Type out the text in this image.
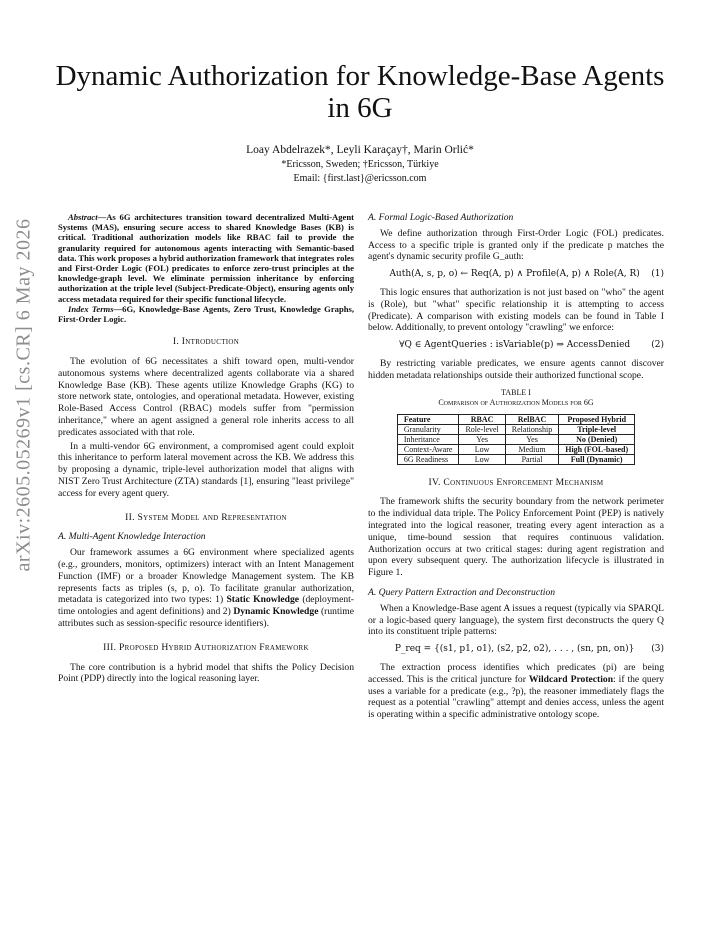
arXiv:2605.05269v1 [cs.CR] 6 May 2026
Dynamic Authorization for Knowledge-Base Agents in 6G
Loay Abdelrazek*, Leyli Karaçay†, Marin Orlić*
*Ericsson, Sweden; †Ericsson, Türkiye
Email: {first.last}@ericsson.com

Abstract—As 6G architectures transition toward decentralized Multi-Agent Systems (MAS), ensuring secure access to shared Knowledge Bases (KB) is critical. Traditional authorization models like RBAC fail to provide the granularity required for autonomous agents interacting with Semantic-based data. This work proposes a hybrid authorization framework that integrates roles and First-Order Logic (FOL) predicates to enforce zero-trust principles at the knowledge-graph level. We eliminate permission inheritance by enforcing authorization at the triple level (Subject-Predicate-Object), ensuring agents only access metadata required for their specific functional lifecycle.

Index Terms—6G, Knowledge-Base Agents, Zero Trust, Knowledge Graphs, First-Order Logic.

I. Introduction

The evolution of 6G necessitates a shift toward open, multi-vendor autonomous systems where decentralized agents collaborate via a shared Knowledge Base (KB). These agents utilize Knowledge Graphs (KG) to store network state, ontologies, and operational metadata. However, existing Role-Based Access Control (RBAC) models suffer from "permission inheritance," where an agent assigned a general role inherits access to all predicates associated with that role.

In a multi-vendor 6G environment, a compromised agent could exploit this inheritance to perform lateral movement across the KB. We address this by proposing a dynamic, triple-level authorization model that aligns with NIST Zero Trust Architecture (ZTA) standards [1], ensuring "least privilege" access for every agent query.

II. System Model and Representation
A. Multi-Agent Knowledge Interaction

Our framework assumes a 6G environment where specialized agents (e.g., grounders, monitors, optimizers) interact with an Intent Management Function (IMF) or a broader Knowledge Management system. The KB represents facts as triples (s, p, o). To facilitate granular authorization, metadata is categorized into two types: 1) Static Knowledge (deployment-time ontologies and agent definitions) and 2) Dynamic Knowledge (runtime attributes such as session-specific resource identifiers).

III. Proposed Hybrid Authorization Framework

The core contribution is a hybrid model that shifts the Policy Decision Point (PDP) directly into the logical reasoning layer.

A. Formal Logic-Based Authorization

We define authorization through First-Order Logic (FOL) predicates. Access to a specific triple is granted only if the predicate p matches the agent's dynamic security profile G_auth:

Auth(A, s, p, o) ← Req(A, p) ∧ Profile(A, p) ∧ Role(A, R)	(1)

This logic ensures that authorization is not just based on "who" the agent is (Role), but "what" specific relationship it is attempting to access (Predicate). A comparison with existing models can be found in Table I below. Additionally, to prevent ontology "crawling" we enforce:

∀Q ∈ AgentQueries : isVariable(p) ⇒ AccessDenied	(2)

By restricting variable predicates, we ensure agents cannot discover hidden metadata relationships outside their authorized functional scope.

TABLE I
Comparison of Authorization Models for 6G
Feature	RBAC	RelBAC	Proposed Hybrid
Granularity	Role-level	Relationship	Triple-level
Inheritance	Yes	Yes	No (Denied)
Context-Aware	Low	Medium	High (FOL-based)
6G Readiness	Low	Partial	Full (Dynamic)
IV. Continuous Enforcement Mechanism

The framework shifts the security boundary from the network perimeter to the individual data triple. The Policy Enforcement Point (PEP) is natively integrated into the logical reasoner, treating every agent interaction as a unique, time-bound session that requires continuous validation. Authorization occurs at two critical stages: during agent registration and upon every subsequent query. The authorization lifecycle is illustrated in Figure 1.

A. Query Pattern Extraction and Deconstruction

When a Knowledge-Base agent A issues a request (typically via SPARQL or a logic-based query language), the system first deconstructs the query Q into its constituent triple patterns:

P_req = {(s1, p1, o1), (s2, p2, o2), . . . , (sn, pn, on)}	(3)

The extraction process identifies which predicates (pi) are being accessed. This is the critical juncture for Wildcard Protection: if the query uses a variable for a predicate (e.g., ?p), the reasoner immediately flags the request as a potential "crawling" attempt and denies access, unless the agent is operating within a specific administrative ontology scope.
